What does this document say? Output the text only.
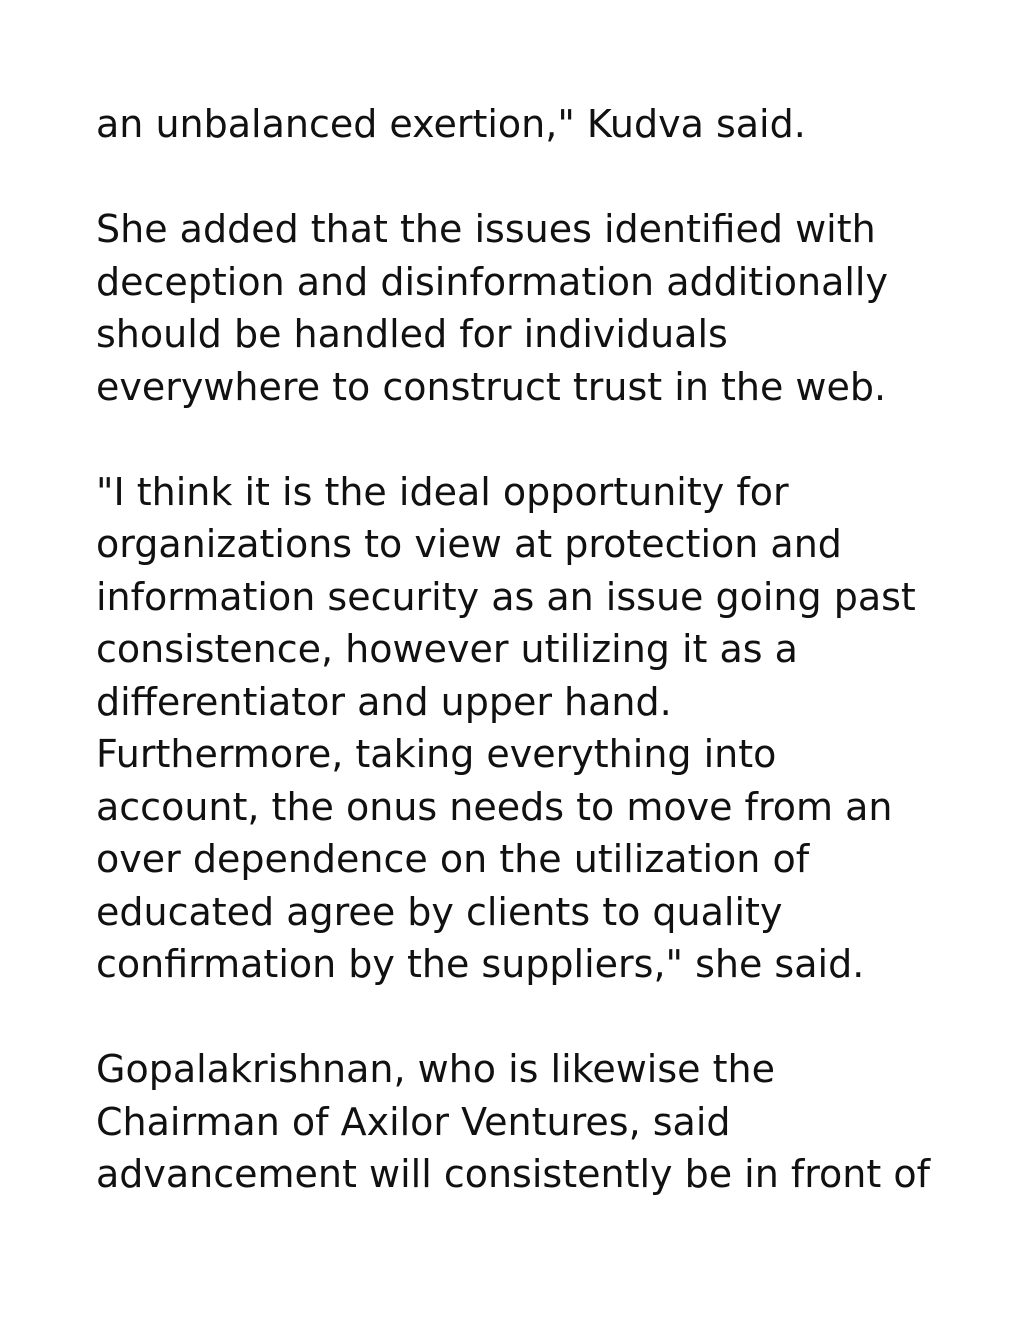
an unbalanced exertion," Kudva said.

She added that the issues identified with
deception and disinformation additionally
should be handled for individuals
everywhere to construct trust in the web.

"I think it is the ideal opportunity for
organizations to view at protection and
information security as an issue going past
consistence, however utilizing it as a
differentiator and upper hand.
Furthermore, taking everything into
account, the onus needs to move from an
over dependence on the utilization of
educated agree by clients to quality
confirmation by the suppliers," she said.

Gopalakrishnan, who is likewise the
Chairman of Axilor Ventures, said
advancement will consistently be in front of
